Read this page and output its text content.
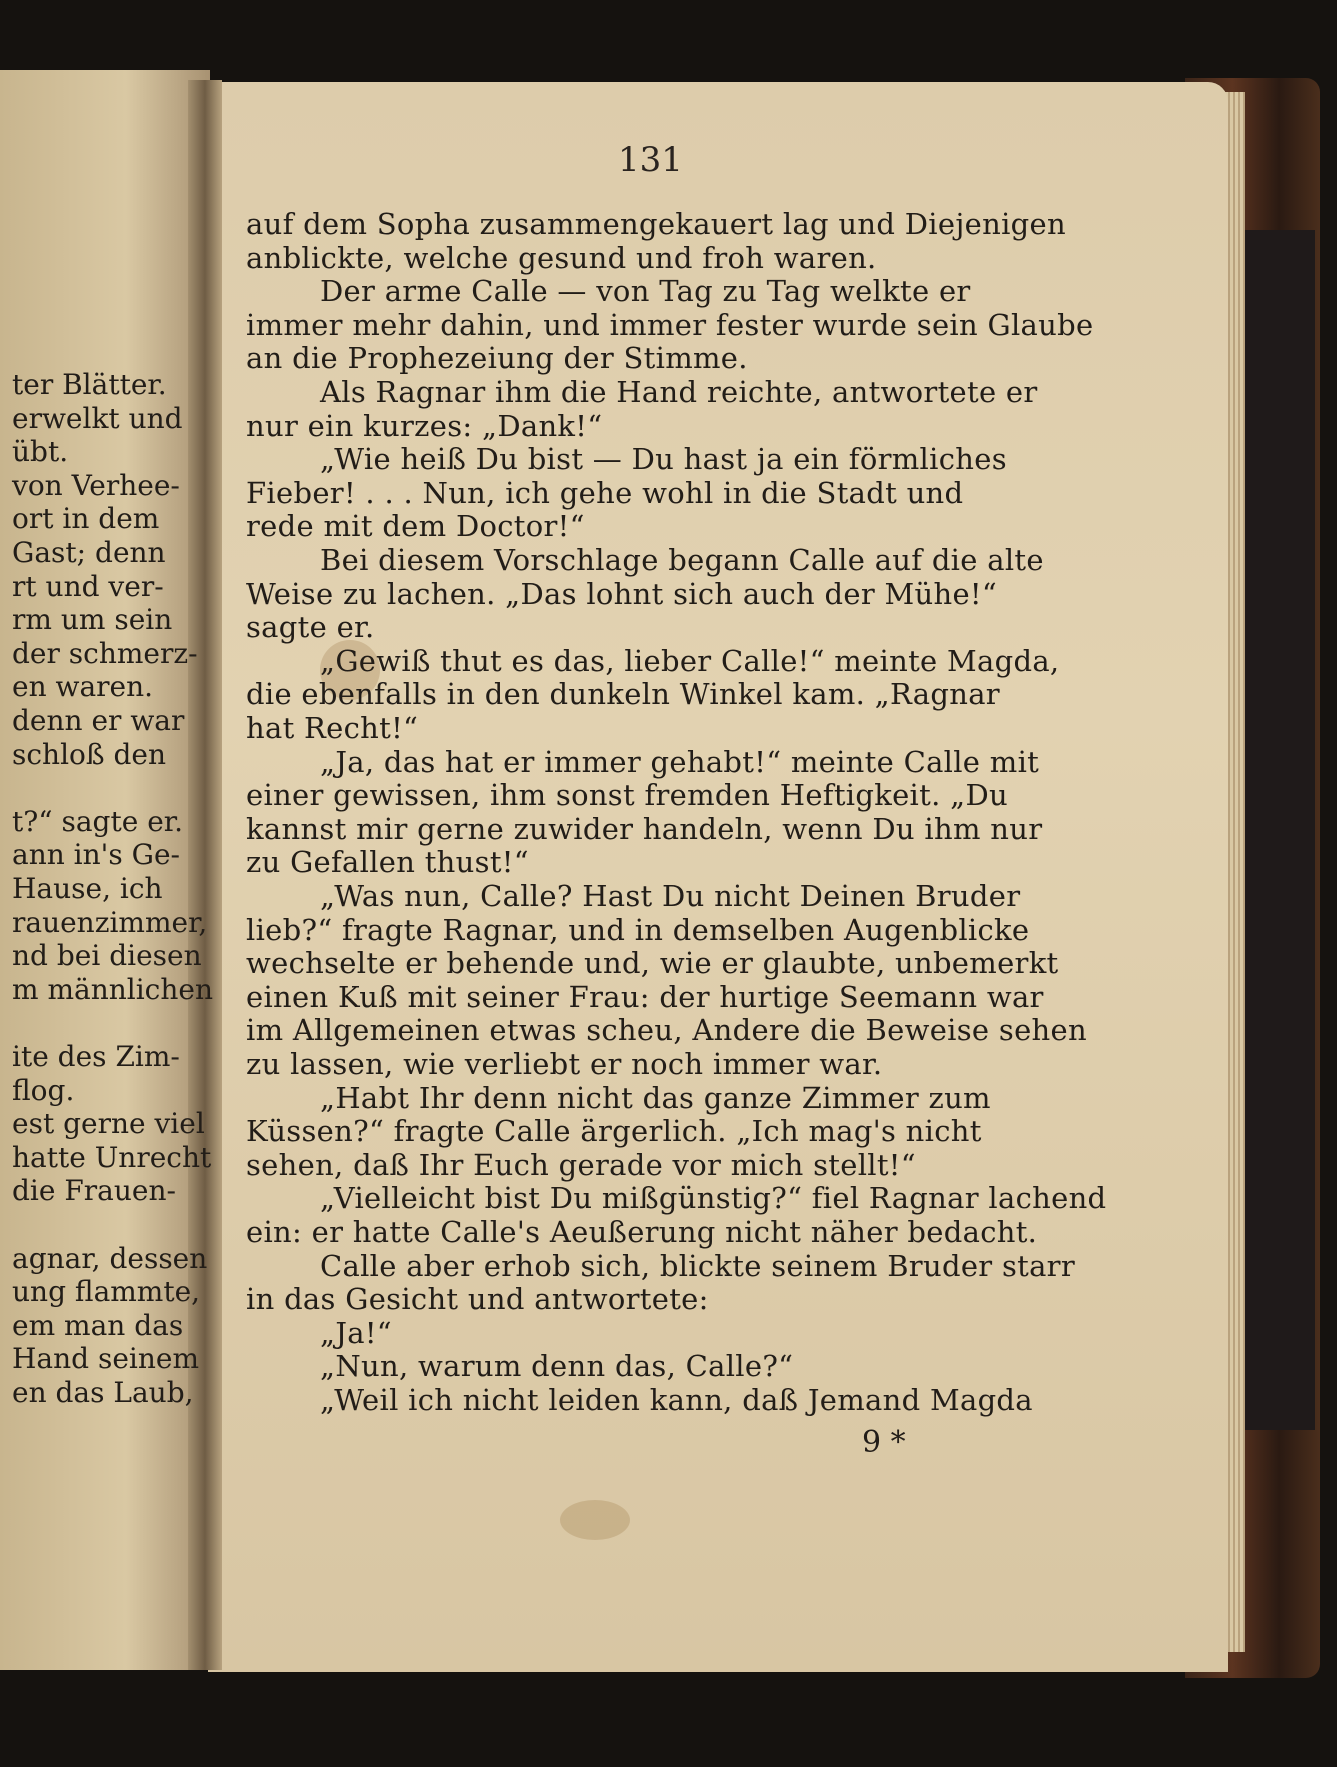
131
ter Blätter.
erwelkt und
übt.
von Verhee-
ort in dem
Gast; denn
rt und ver-
rm um sein
der schmerz-
en waren.
denn er war
schloß den
t?“ sagte er.
ann in's Ge-
Hause, ich
rauenzimmer,
nd bei diesen
m männlichen
ite des Zim-
flog.
est gerne viel
hatte Unrecht
die Frauen-
agnar, dessen
ung flammte,
em man das
Hand seinem
en das Laub,
auf dem Sopha zusammengekauert lag und Diejenigen
anblickte, welche gesund und froh waren.
Der arme Calle — von Tag zu Tag welkte er
immer mehr dahin, und immer fester wurde sein Glaube
an die Prophezeiung der Stimme.
Als Ragnar ihm die Hand reichte, antwortete er
nur ein kurzes: „Dank!“
„Wie heiß Du bist — Du hast ja ein förmliches
Fieber! . . . Nun, ich gehe wohl in die Stadt und
rede mit dem Doctor!“
Bei diesem Vorschlage begann Calle auf die alte
Weise zu lachen. „Das lohnt sich auch der Mühe!“
sagte er.
„Gewiß thut es das, lieber Calle!“ meinte Magda,
die ebenfalls in den dunkeln Winkel kam. „Ragnar
hat Recht!“
„Ja, das hat er immer gehabt!“ meinte Calle mit
einer gewissen, ihm sonst fremden Heftigkeit. „Du
kannst mir gerne zuwider handeln, wenn Du ihm nur
zu Gefallen thust!“
„Was nun, Calle? Hast Du nicht Deinen Bruder
lieb?“ fragte Ragnar, und in demselben Augenblicke
wechselte er behende und, wie er glaubte, unbemerkt
einen Kuß mit seiner Frau: der hurtige Seemann war
im Allgemeinen etwas scheu, Andere die Beweise sehen
zu lassen, wie verliebt er noch immer war.
„Habt Ihr denn nicht das ganze Zimmer zum
Küssen?“ fragte Calle ärgerlich. „Ich mag's nicht
sehen, daß Ihr Euch gerade vor mich stellt!“
„Vielleicht bist Du mißgünstig?“ fiel Ragnar lachend
ein: er hatte Calle's Aeußerung nicht näher bedacht.
Calle aber erhob sich, blickte seinem Bruder starr
in das Gesicht und antwortete:
„Ja!“
„Nun, warum denn das, Calle?“
„Weil ich nicht leiden kann, daß Jemand Magda
9 *
